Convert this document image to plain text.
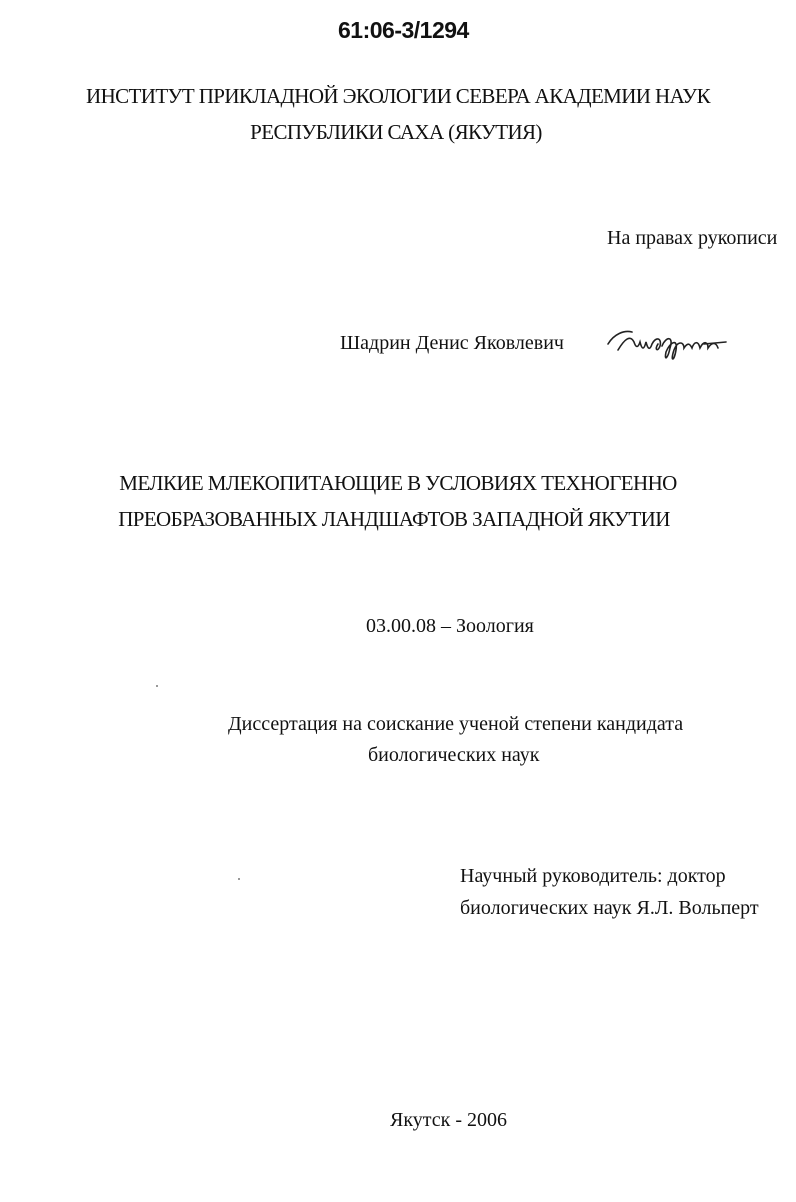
61:06-3/1294
ИНСТИТУТ ПРИКЛАДНОЙ ЭКОЛОГИИ СЕВЕРА АКАДЕМИИ НАУК
РЕСПУБЛИКИ САХА (ЯКУТИЯ)
На правах рукописи
Шадрин Денис Яковлевич
МЕЛКИЕ МЛЕКОПИТАЮЩИЕ В УСЛОВИЯХ ТЕХНОГЕННО
ПРЕОБРАЗОВАННЫХ ЛАНДШАФТОВ ЗАПАДНОЙ ЯКУТИИ
03.00.08 – Зоология
Диссертация на соискание ученой степени кандидата
биологических наук
Научный руководитель: доктор
биологических наук Я.Л. Вольперт
Якутск - 2006
